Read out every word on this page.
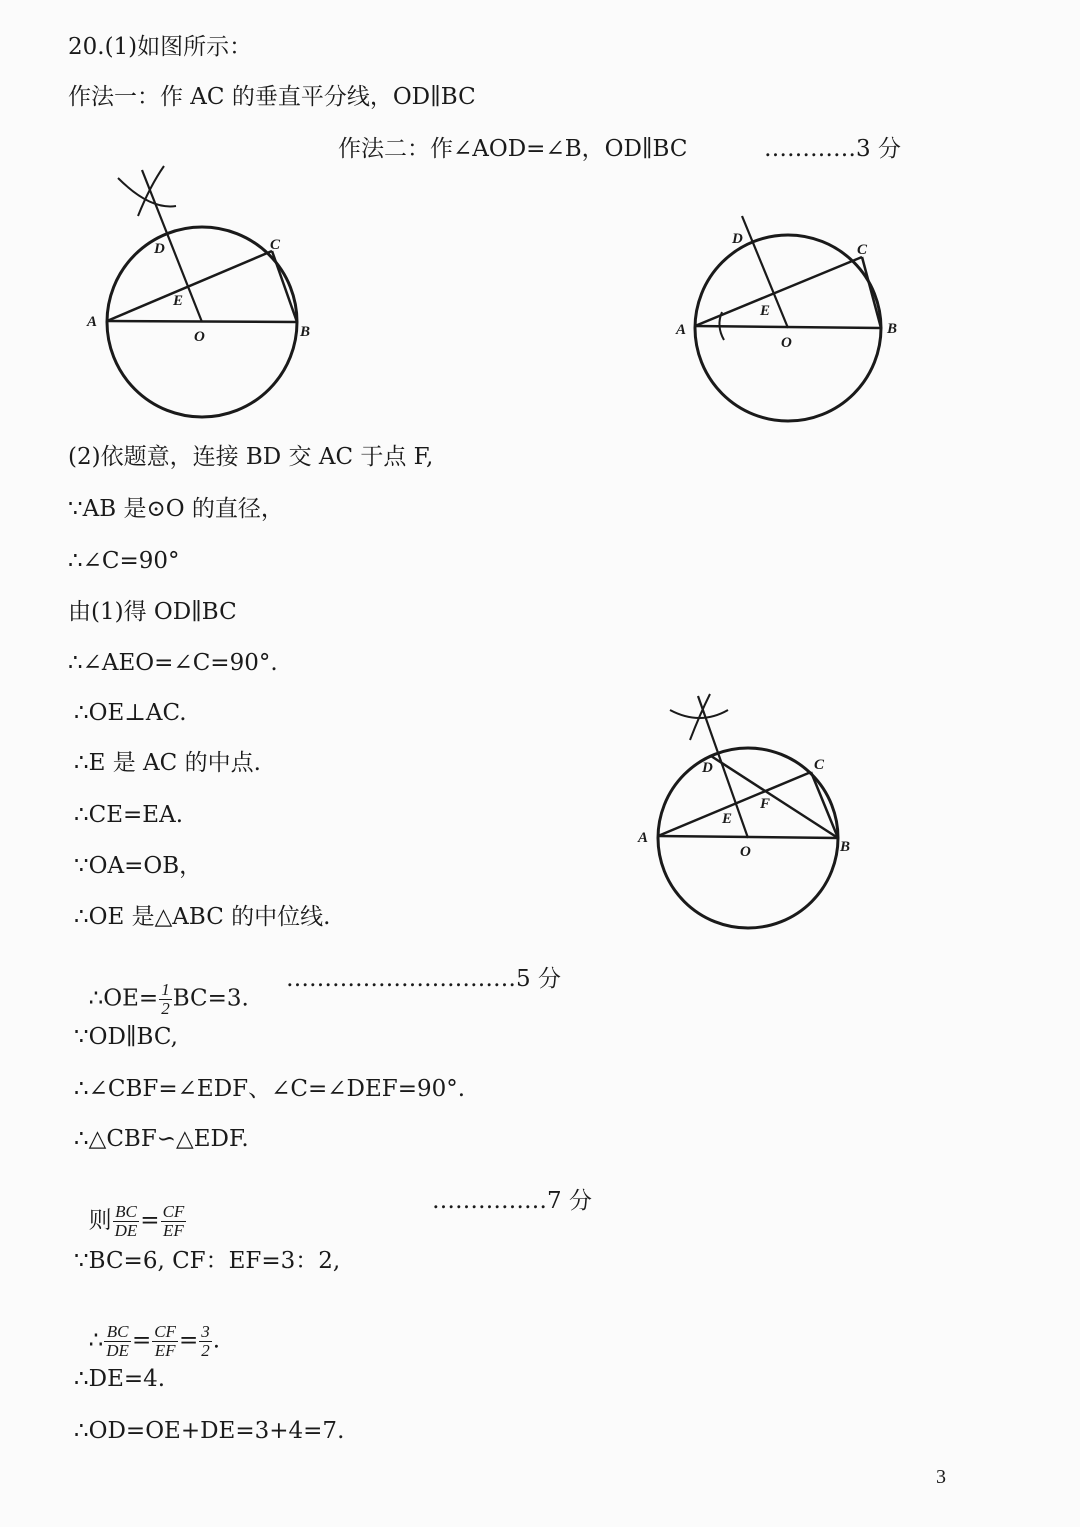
20.(1)如图所示：
作法一：作 AC 的垂直平分线，OD∥BC
作法二：作∠AOD=∠B，OD∥BC	…………3 分
D	C
E
A
O	B
D
C
E
A
O
B
(2)依题意，连接 BD 交 AC 于点 F,
∵AB 是⊙O 的直径，
∴∠C=90°
由(1)得 OD∥BC
∴∠AEO=∠C=90°.
∴OE⊥AC.
∴E 是 AC 的中点.
∴CE=EA.
∵OA=OB，
∴OE 是△ABC 的中位线.
D	C
F
E
A
O	B

∴OE= $\frac{1}{2} BC=3$.

…………………………5 分
∵OD∥BC,
∴∠CBF=∠EDF、∠C=∠DEF=90°.
∴△CBF∽△EDF.

则 $\frac{BC}{DE} = \frac{CF}{EF}$

……………7 分
∵BC=6, CF：EF=3：2,

∴ $\frac{BC}{DE} = \frac{CF}{EF} = \frac{3}{2}$ .

∴DE=4.
∴OD=OE+DE=3+4=7.
3
